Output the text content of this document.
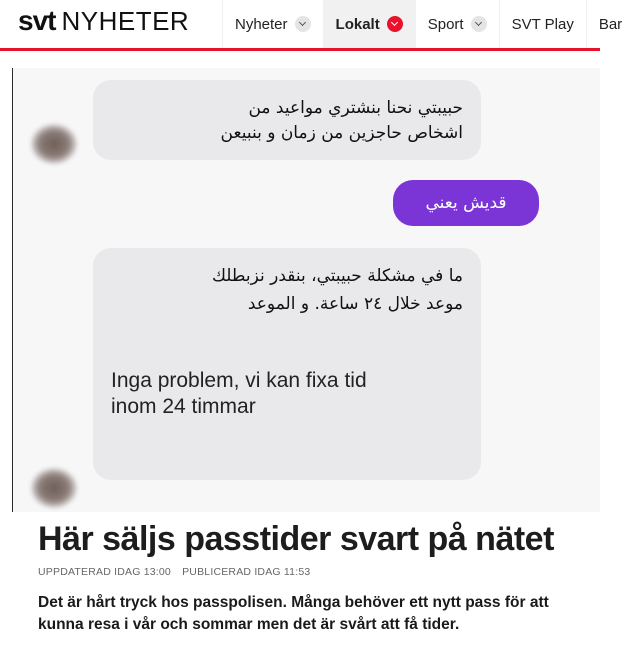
svt NYHETER	Nyheter	Lokalt	Sport	SVT Play Bar
حبيبتي نحنا بنشتري مواعيد من
اشخاص حاجزين من زمان و بنبيعن
قديش يعني
ما في مشكلة حبيبتي، بنقدر نزبطلك
موعد خلال ٢٤ ساعة. و الموعد
Inga problem, vi kan fixa tid
inom 24 timmar
Här säljs passtider svart på nätet
UPPDATERAD IDAG 13:00 PUBLICERAD IDAG 11:53

Det är hårt tryck hos passpolisen. Många behöver ett nytt pass för att kunna resa i vår och sommar men det är svårt att få tider.
